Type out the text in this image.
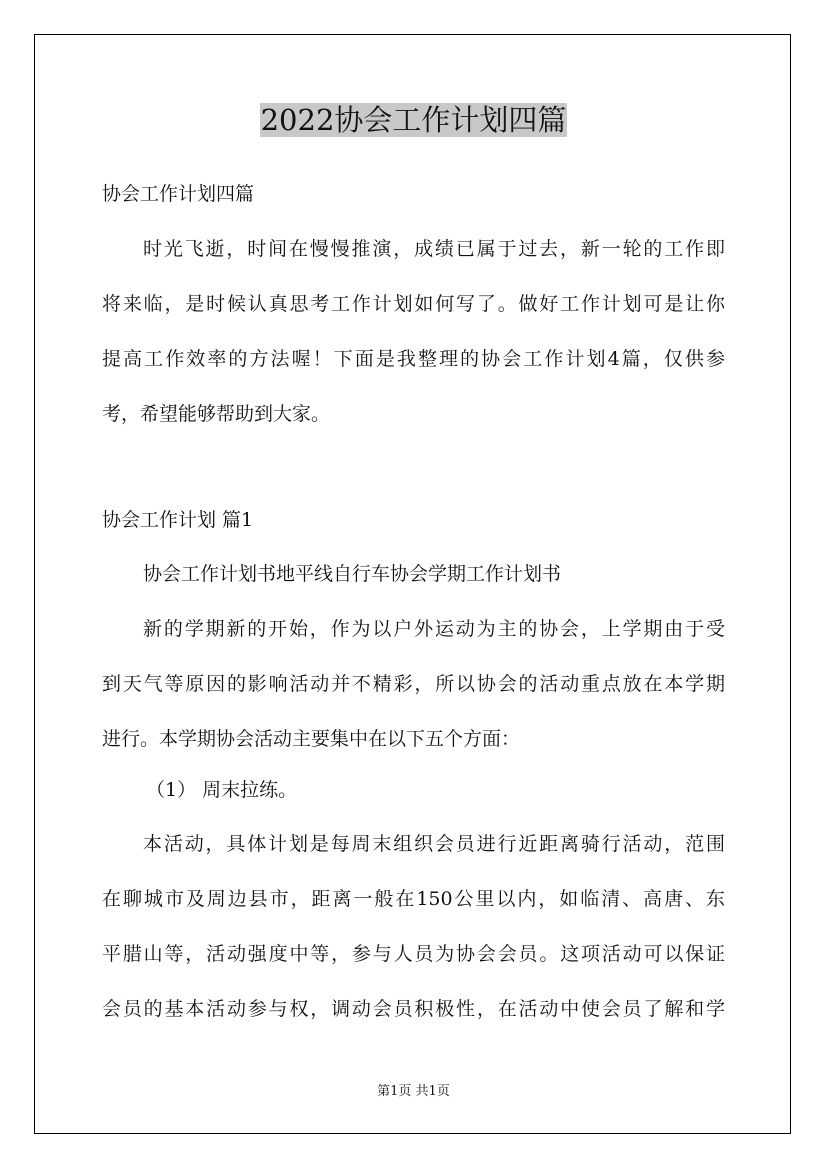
2022协会工作计划四篇

协会工作计划四篇

时光飞逝，时间在慢慢推演，成绩已属于过去，新一轮的工作即

将来临，是时候认真思考工作计划如何写了。做好工作计划可是让你

提高工作效率的方法喔！下面是我整理的协会工作计划4篇，仅供参

考，希望能够帮助到大家。

协会工作计划 篇1

协会工作计划书地平线自行车协会学期工作计划书

新的学期新的开始，作为以户外运动为主的协会，上学期由于受

到天气等原因的影响活动并不精彩，所以协会的活动重点放在本学期

进行。本学期协会活动主要集中在以下五个方面：

（1） 周末拉练。

本活动，具体计划是每周末组织会员进行近距离骑行活动，范围

在聊城市及周边县市，距离一般在150公里以内，如临清、高唐、东

平腊山等，活动强度中等，参与人员为协会会员。这项活动可以保证

会员的基本活动参与权，调动会员积极性，在活动中使会员了解和学

第1页 共1页
